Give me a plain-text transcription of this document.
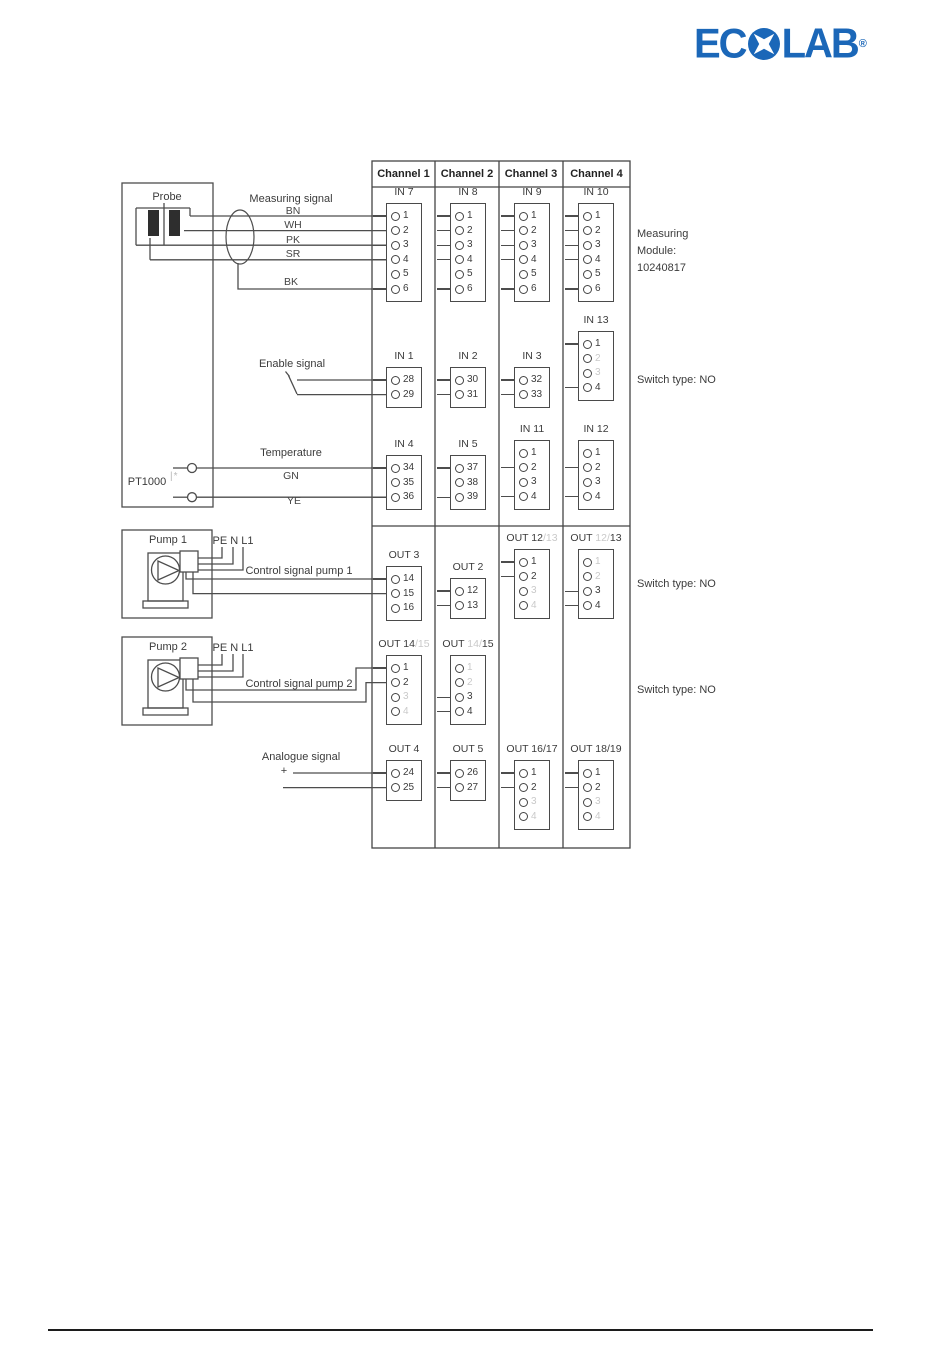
EC LAB ®
Probe	Measuring signal
BN
WH
PK
SR
BK
Enable signal
Temperature
GN
YE
PT1000 |*
Pump 1 PE N L1
Control signal pump 1
Pump 2 PE N L1
Control signal pump 2
Analogue signal
+
Measuring
Module:
10240817
Switch type: NO
Switch type: NO
Switch type: NO
Channel 1 Channel 2 Channel 3 Channel 4
IN 7
1
2
3
4
5
6
IN 8
1
2
3
4
5
6
IN 9
1
2
3
4
5
6
IN 10
1
2
3
4
5
6
IN 1
28
29
IN 2
30
31
IN 3
32
33
IN 13
1
2
3
4
IN 4
34
35
36
IN 5
37
38
39
IN 11
1
2
3
4
IN 12
1
2
3
4
OUT 3
14
15
16
OUT 2
12
13
OUT 12/13
1
2
3
4
OUT 12/13
1
2
3
4
OUT 14/15
1
2
3
4
OUT 14/15
1
2
3
4
OUT 4
24
25
OUT 5
26
27
OUT 16/17
1
2
3
4
OUT 18/19
1
2
3
4
